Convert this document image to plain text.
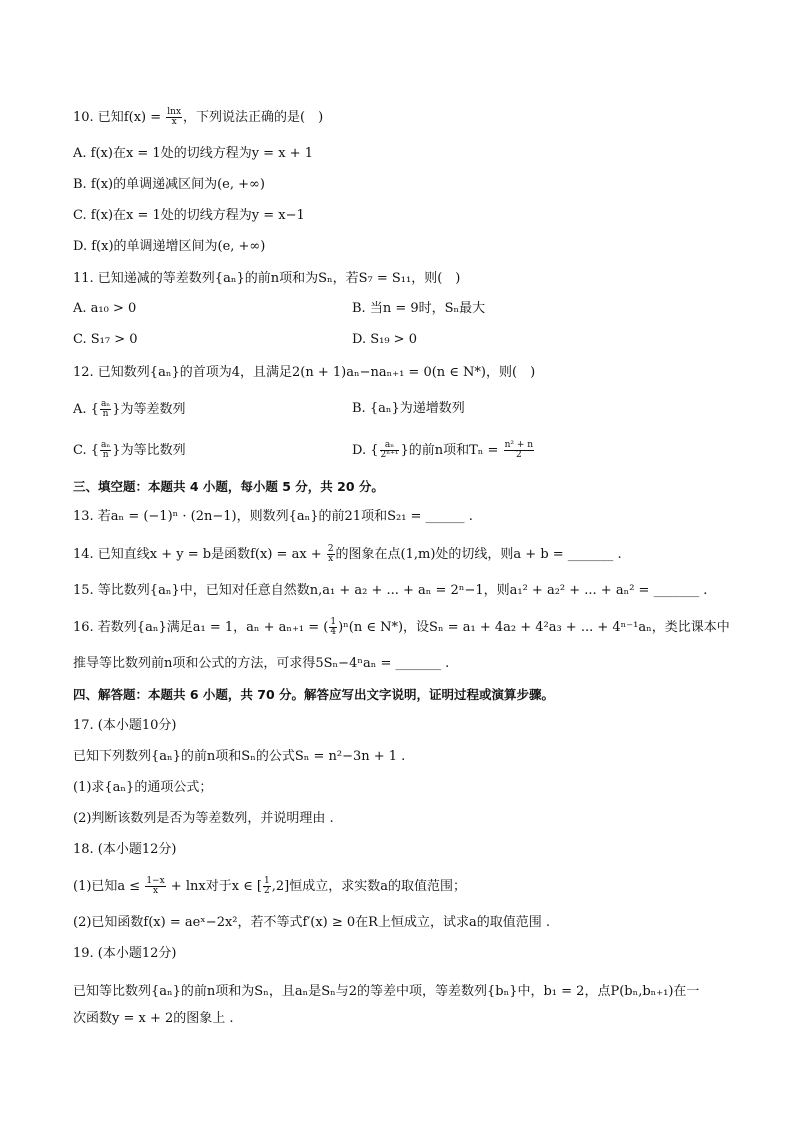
10. 已知$f(x) = \frac{\ln x}{x}$ ，下列说法正确的是(　)
A. f(x)在x = 1处的切线方程为y = x + 1
B. f(x)的单调递减区间为(e, +∞)
C. f(x)在x = 1处的切线方程为y = x−1
D. f(x)的单调递增区间为(e, +∞)
11. 已知递减的等差数列{aₙ}的前n项和为Sₙ，若S₇ = S₁₁，则(　)
A. a₁₀ > 0	B. 当n = 9时，Sₙ最大
C. S₁₇ > 0	D. S₁₉ > 0
12. 已知数列{aₙ}的首项为4，且满足2(n + 1)aₙ−naₙ₊₁ = 0(n ∈ N*)，则(　)
A. { $\frac{\text{aₙ}}{n}$ }为等差数列	B. {aₙ}为递增数列
C. { $\frac{\text{aₙ}}{n}$ }为等比数列	D. { $\frac{\text{aₙ}}{\text{2ⁿ⁺¹}}$ }的前n项和$T_n = \frac{\text{n² + n}}{2}$
三、填空题：本题共 4 小题，每小题 5 分，共 20 分。
13. 若aₙ = (−1)ⁿ · (2n−1)，则数列{aₙ}的前21项和S₂₁ = ______ .
14. 已知直线x + y = b是函数f(x) = ax + $\frac{2}{x}$ 的图象在点(1,m)处的切线，则a + b = _______ .
15. 等比数列{aₙ}中，已知对任意自然数n,a₁ + a₂ + ... + aₙ = 2ⁿ−1，则a₁² + a₂² + ... + aₙ² = _______ .
16. 若数列{aₙ}满足a₁ = 1，aₙ + aₙ₊₁ = ( $\frac{1}{4} )^n(n$ ∈ N*)，设Sₙ = a₁ + 4a₂ + 4²a₃ + ... + 4ⁿ⁻¹aₙ，类比课本中
推导等比数列前n项和公式的方法，可求得5Sₙ−4ⁿaₙ = _______ .
四、解答题：本题共 6 小题，共 70 分。解答应写出文字说明，证明过程或演算步骤。
17. (本小题10分)
已知下列数列{aₙ}的前n项和Sₙ的公式Sₙ = n²−3n + 1 .
(1)求{aₙ}的通项公式；
(2)判断该数列是否为等差数列，并说明理由 .
18. (本小题12分)
(1)已知$a \le \frac{1-x}{x} + \ln x$对于x ∈ [ $\frac{1}{2} ,2$]恒成立，求实数a的取值范围；
(2)已知函数f(x) = aeˣ−2x²，若不等式f′(x) ≥ 0在R上恒成立，试求a的取值范围 .
19. (本小题12分)
已知等比数列{aₙ}的前n项和为Sₙ，且aₙ是Sₙ与2的等差中项，等差数列{bₙ}中，b₁ = 2，点P(bₙ,bₙ₊₁)在一
次函数y = x + 2的图象上 .
